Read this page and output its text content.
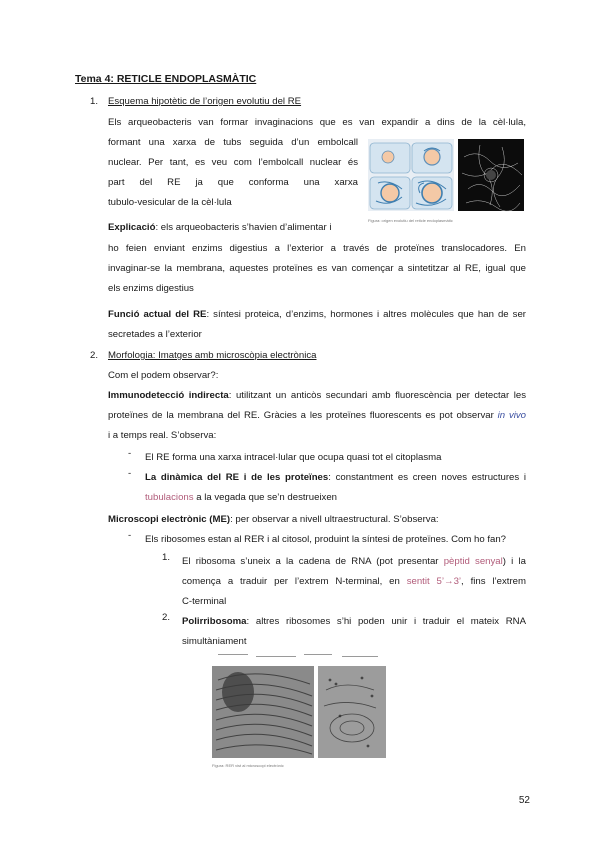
Tema 4: RETICLE ENDOPLASMÀTIC
1.	Esquema hipotètic de l’origen evolutiu del RE

Els arqueobacteris van formar invaginacions que es van expandir a dins de la cèl·lula,

formant una xarxa de tubs seguida d’un embolcall

nuclear. Per tant, es veu com l’embolcall nuclear és

part del RE ja que conforma una xarxa

tubulo-vesicular de la cèl·lula

Figura: origen evolutiu del reticle endoplasmàtic
Explicació: els arqueobacteris s’havien d’alimentar i

ho feien enviant enzims digestius a l’exterior a través de proteïnes translocadores. En

invaginar-se la membrana, aquestes proteïnes es van començar a sintetitzar al RE, igual que

els enzims digestius

Funció actual del RE: síntesi proteica, d’enzims, hormones i altres molècules que han de ser

secretades a l’exterior

2.	Morfologia: Imatges amb microscòpia electrònica
Com el podem observar?:

Immunodetecció indirecta: utilitzant un anticòs secundari amb fluorescència per detectar les

proteïnes de la membrana del RE. Gràcies a les proteïnes fluorescents es pot observar in vivo

i a temps real. S’observa:

-	El RE forma una xarxa intracel·lular que ocupa quasi tot el citoplasma
-	La dinàmica del RE i de les proteïnes: constantment es creen noves estructures i

tubulacions a la vegada que se’n destrueixen

Microscopi electrònic (ME): per observar a nivell ultraestructural. S’observa:
-	Els ribosomes estan al RER i al citosol, produint la síntesi de proteïnes. Com ho fan?
1. El ribosoma s’uneix a la cadena de RNA (pot presentar pèptid senyal) i la

comença a traduir per l’extrem N-terminal, en sentit 5’→3’, fins l’extrem

C-terminal

2. Polirribosoma: altres ribosomes s’hi poden unir i traduir el mateix RNA

simultàniament

Figura: RER vist al microscopi electrònic
52
